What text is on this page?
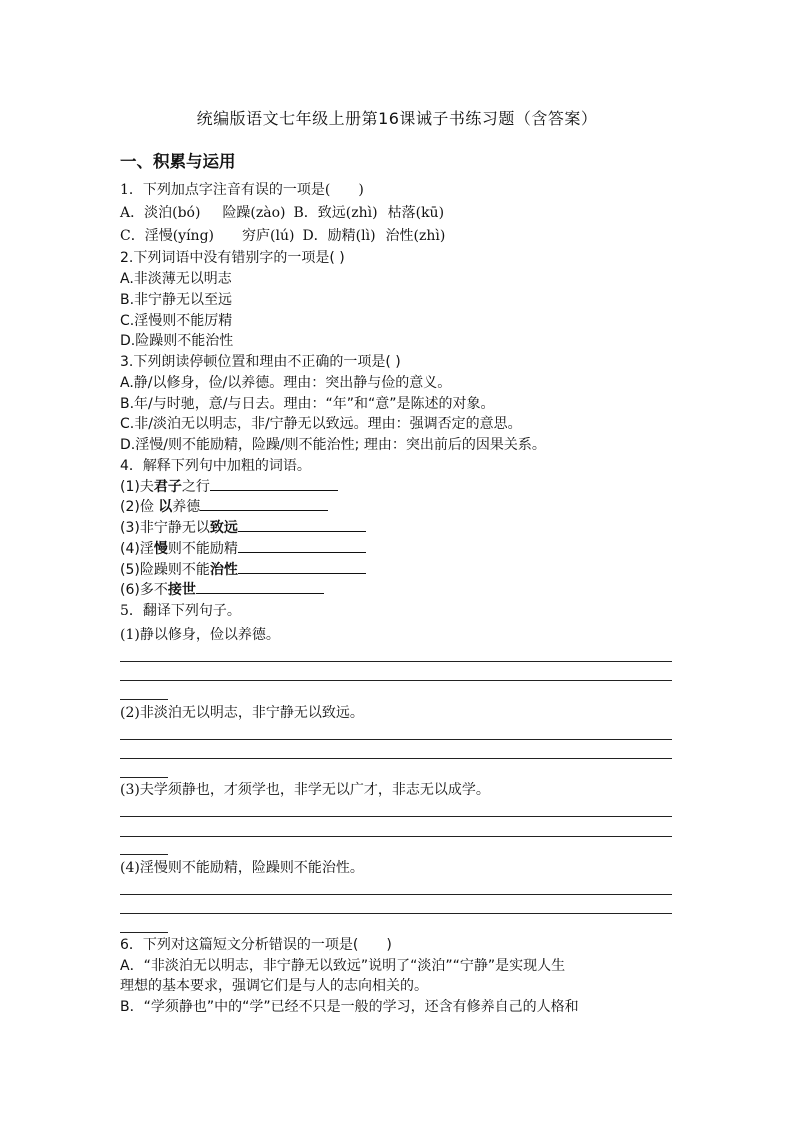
统编版语文七年级上册第16课诫子书练习题（含答案）
一、积累与运用
1．下列加点字注音有误的一项是(　　)
A．淡泊(bó) 险躁(zào) B．致远(zhì) 枯落(kū)
C．淫慢(yíng) 穷庐(lú) D．励精(lì) 治性(zhì)
2.下列词语中没有错别字的一项是( )
A.非淡薄无以明志
B.非宁静无以至远
C.淫慢则不能厉精
D.险躁则不能治性
3.下列朗读停顿位置和理由不正确的一项是( )
A.静/以修身，俭/以养德。理由：突出静与俭的意义。
B.年/与时驰，意/与日去。理由：“年”和“意”是陈述的对象。
C.非/淡泊无以明志，非/宁静无以致远。理由：强调否定的意思。
D.淫慢/则不能励精，险躁/则不能治性; 理由：突出前后的因果关系。
4．解释下列句中加粗的词语。
(1)夫君子之行
(2)俭 以养德
(3)非宁静无以致远
(4)淫慢则不能励精
(5)险躁则不能治性
(6)多不接世
5．翻译下列句子。
(1)静以修身，俭以养德。
(2)非淡泊无以明志，非宁静无以致远。
(3)夫学须静也，才须学也，非学无以广才，非志无以成学。
(4)淫慢则不能励精，险躁则不能治性。
6．下列对这篇短文分析错误的一项是(　　)
A．“非淡泊无以明志，非宁静无以致远”说明了“淡泊”“宁静”是实现人生
理想的基本要求，强调它们是与人的志向相关的。
B．“学须静也”中的“学”已经不只是一般的学习，还含有修养自己的人格和
